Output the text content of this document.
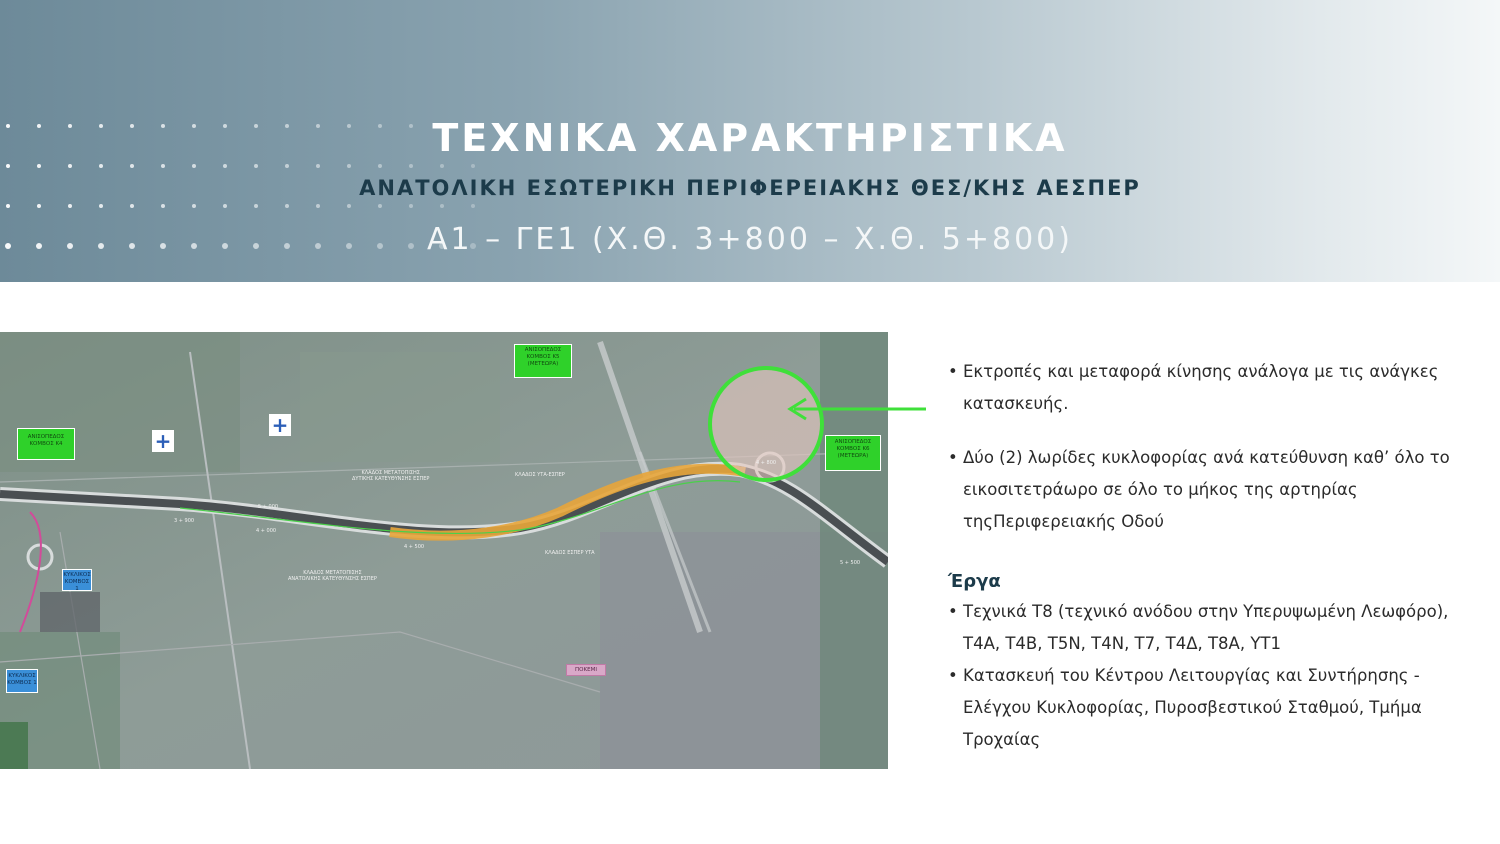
ΤΕΧΝΙΚΑ ΧΑΡΑΚΤΗΡΙΣΤΙΚΑ
ΑΝΑΤΟΛΙΚΗ ΕΣΩΤΕΡΙΚΗ ΠΕΡΙΦΕΡΕΙΑΚΗΣ ΘΕΣ/ΚΗΣ ΑΕΣΠΕΡ
Α1 – ΓΕ1 (Χ.Θ. 3+800 – Χ.Θ. 5+800)
+
+
ΑΝΙΣΟΠΕΔΟΣ
ΚΟΜΒΟΣ Κ4
ΑΝΙΣΟΠΕΔΟΣ
ΚΟΜΒΟΣ Κ5
(ΜΕΤΕΩΡΑ)
ΑΝΙΣΟΠΕΔΟΣ
ΚΟΜΒΟΣ Κ6
(ΜΕΤΕΩΡΑ)
ΚΥΚΛΙΚΟΣ
ΚΟΜΒΟΣ 1
ΚΥΚΛΙΚΟΣ
ΚΟΜΒΟΣ 1
ΠΟΚΕΜΙ
ΚΛΑΔΟΣ ΜΕΤΑΤΟΠΙΣΗΣ
ΔΥΤΙΚΗΣ ΚΑΤΕΥΘΥΝΣΗΣ ΕΣΠΕΡ
ΚΛΑΔΟΣ ΥΤΑ-ΕΣΠΕΡ
ΚΛΑΔΟΣ ΕΣΠΕΡ ΥΤΑ
ΚΛΑΔΟΣ ΜΕΤΑΤΟΠΙΣΗΣ
ΑΝΑΤΟΛΙΚΗΣ ΚΑΤΕΥΘΥΝΣΗΣ ΕΣΠΕΡ
3 + 900
4 + 000
4 + 500
5 + 000
5 + 500
4 + 800
• Εκτροπές και μεταφορά κίνησης ανάλογα με τις ανάγκες κατασκευής.
• Δύο (2) λωρίδες κυκλοφορίας ανά κατεύθυνση καθ’ όλο το εικοσιτετράωρο σε όλο το μήκος της αρτηρίας τηςΠεριφερειακής Οδού
Έργα
• Τεχνικά Τ8 (τεχνικό ανόδου στην Υπερυψωμένη Λεωφόρο), Τ4Α, Τ4Β, Τ5Ν, Τ4Ν, Τ7, Τ4Δ, Τ8Α, ΥΤ1
• Κατασκευή του Κέντρου Λειτουργίας και Συντήρησης - Ελέγχου Κυκλοφορίας, Πυροσβεστικού Σταθμού, Τμήμα Τροχαίας
